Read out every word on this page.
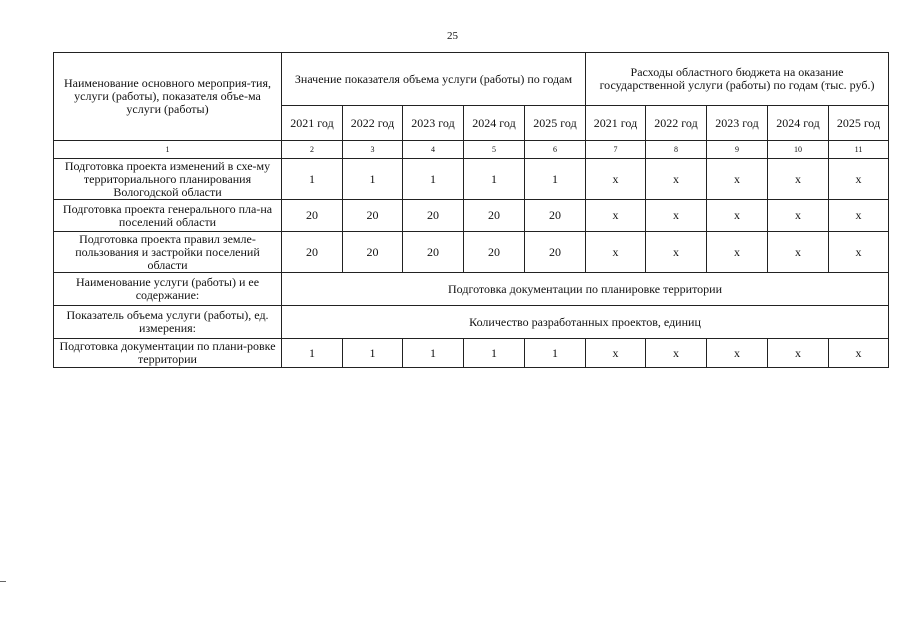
25
Наименование основного мероприя-тия, услуги (работы), показателя объе-ма услуги (работы)	Значение показателя объема услуги (работы) по годам					Расходы областного бюджета на оказание государственной услуги (работы) по годам (тыс. руб.)				
	2021 год	2022 год	2023 год	2024 год	2025 год	2021 год	2022 год	2023 год	2024 год	2025 год
1	2	3	4	5	6	7	8	9	10	11
Подготовка проекта изменений в схе-му территориального планирования Вологодской области	1	1	1	1	1	x	x	x	x	x
Подготовка проекта генерального пла-на поселений области	20	20	20	20	20	x	x	x	x	x
Подготовка проекта правил земле-пользования и застройки поселений области	20	20	20	20	20	x	x	x	x	x
Наименование услуги (работы) и ее содержание:	Подготовка документации по планировке территории									
Показатель объема услуги (работы), ед. измерения:	Количество разработанных проектов, единиц									
Подготовка документации по плани-ровке территории	1	1	1	1	1	x	x	x	x	x
